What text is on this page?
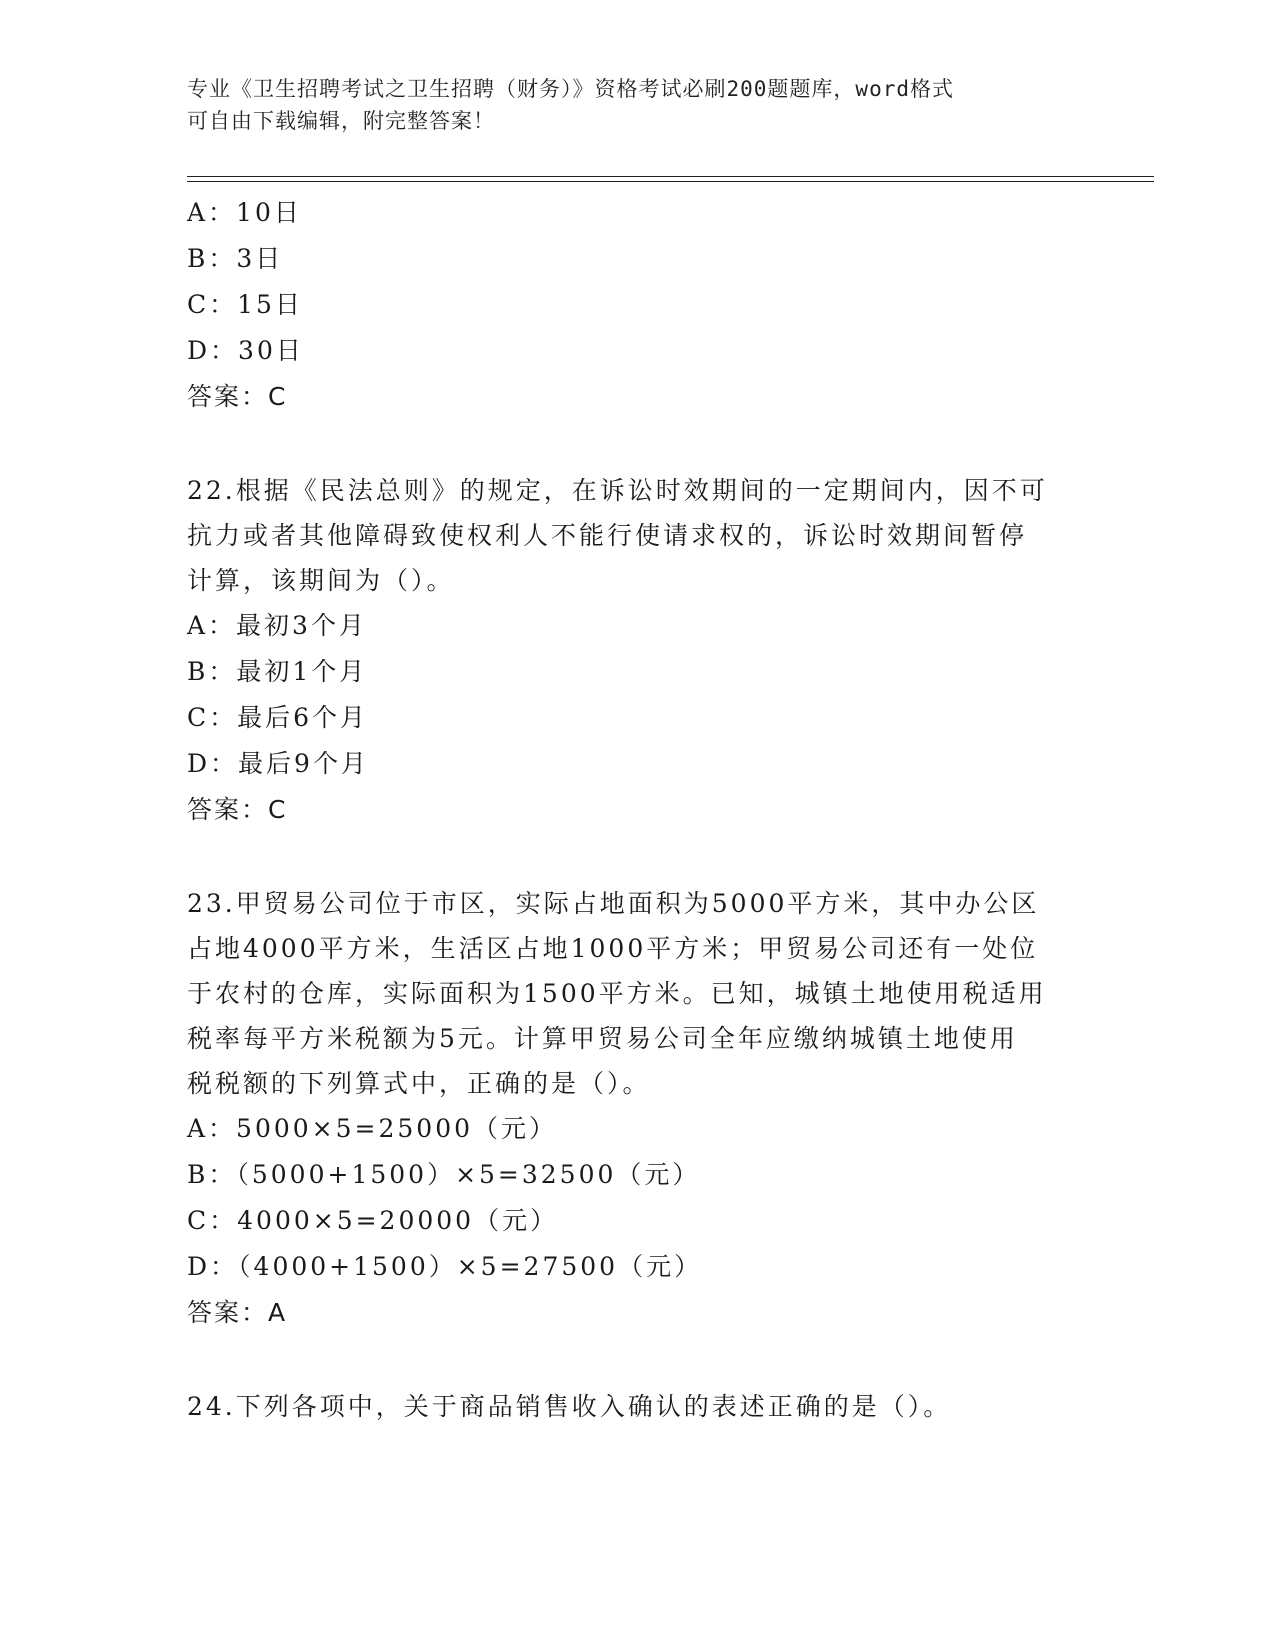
专业《卫生招聘考试之卫生招聘（财务）》资格考试必刷200题题库，word格式
可自由下载编辑，附完整答案！
A：10日
B：3日
C：15日
D：30日
答案：C
22.根据《民法总则》的规定，在诉讼时效期间的一定期间内，因不可
抗力或者其他障碍致使权利人不能行使请求权的，诉讼时效期间暂停
计算，该期间为（）。
A：最初3个月
B：最初1个月
C：最后6个月
D：最后9个月
答案：C
23.甲贸易公司位于市区，实际占地面积为5000平方米，其中办公区
占地4000平方米，生活区占地1000平方米；甲贸易公司还有一处位
于农村的仓库，实际面积为1500平方米。已知，城镇土地使用税适用
税率每平方米税额为5元。计算甲贸易公司全年应缴纳城镇土地使用
税税额的下列算式中，正确的是（）。
A：5000×5=25000（元）
B：（5000+1500）×5=32500（元）
C：4000×5=20000（元）
D：（4000+1500）×5=27500（元）
答案：A
24.下列各项中，关于商品销售收入确认的表述正确的是（）。
